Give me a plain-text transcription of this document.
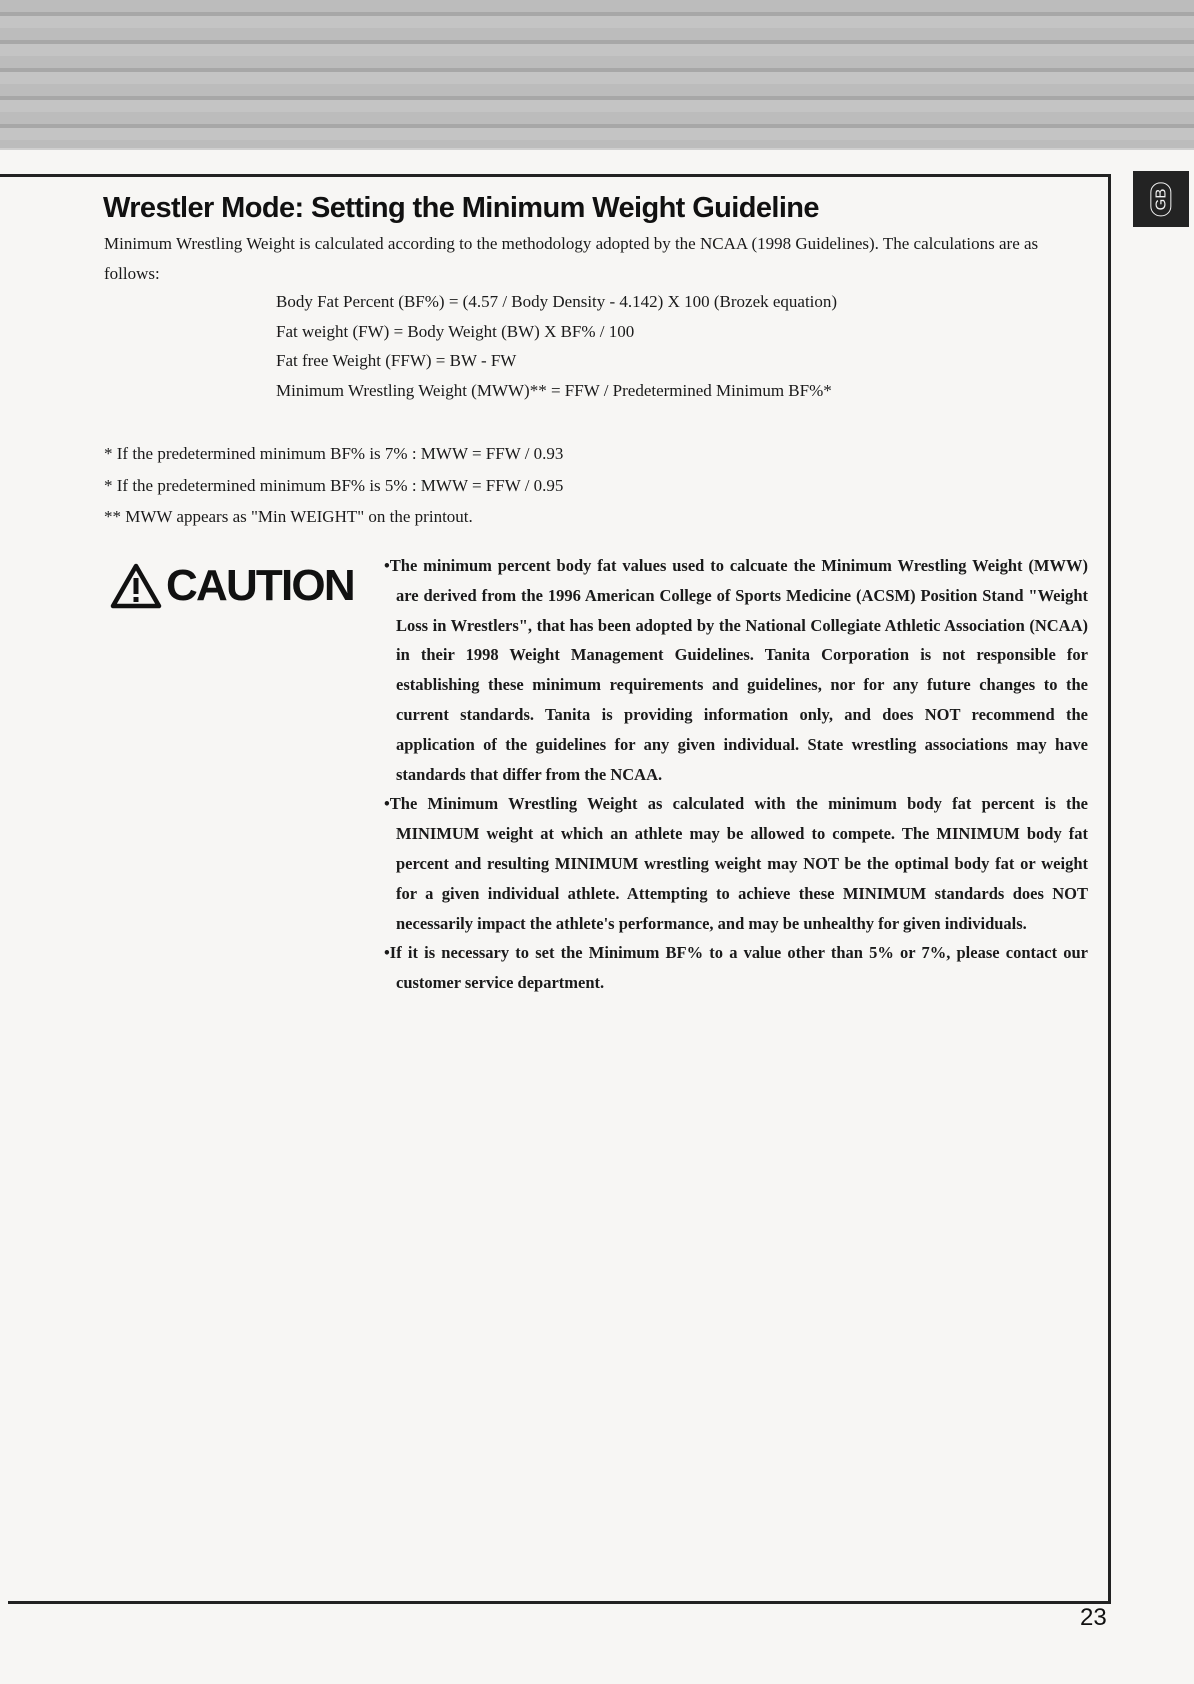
GB
Wrestler Mode: Setting the Minimum Weight Guideline
Minimum Wrestling Weight is calculated according to the methodology adopted by the NCAA (1998 Guidelines). The calculations are as follows:
Body Fat Percent (BF%) = (4.57 / Body Density - 4.142) X 100 (Brozek equation)
Fat weight (FW) = Body Weight (BW) X BF% / 100
Fat free Weight (FFW) = BW - FW
Minimum Wrestling Weight (MWW)** = FFW / Predetermined Minimum BF%*
* If the predetermined minimum BF% is 7% : MWW = FFW / 0.93
* If the predetermined minimum BF% is 5% : MWW = FFW / 0.95
** MWW appears as "Min WEIGHT" on the printout.
CAUTION •The minimum percent body fat values used to calcuate the Minimum Wrestling Weight (MWW) are derived from the 1996 American College of Sports Medicine (ACSM) Position Stand "Weight Loss in Wrestlers", that has been adopted by the National Collegiate Athletic Association (NCAA) in their 1998 Weight Management Guidelines. Tanita Corporation is not responsible for establishing these minimum requirements and guidelines, nor for any future changes to the current standards. Tanita is providing information only, and does NOT recommend the application of the guidelines for any given individual. State wrestling associations may have standards that differ from the NCAA.

•The Minimum Wrestling Weight as calculated with the minimum body fat percent is the MINIMUM weight at which an athlete may be allowed to compete. The MINIMUM body fat percent and resulting MINIMUM wrestling weight may NOT be the optimal body fat or weight for a given individual athlete. Attempting to achieve these MINIMUM standards does NOT necessarily impact the athlete's performance, and may be unhealthy for given individuals.

•If it is necessary to set the Minimum BF% to a value other than 5% or 7%, please contact our customer service department.

23
